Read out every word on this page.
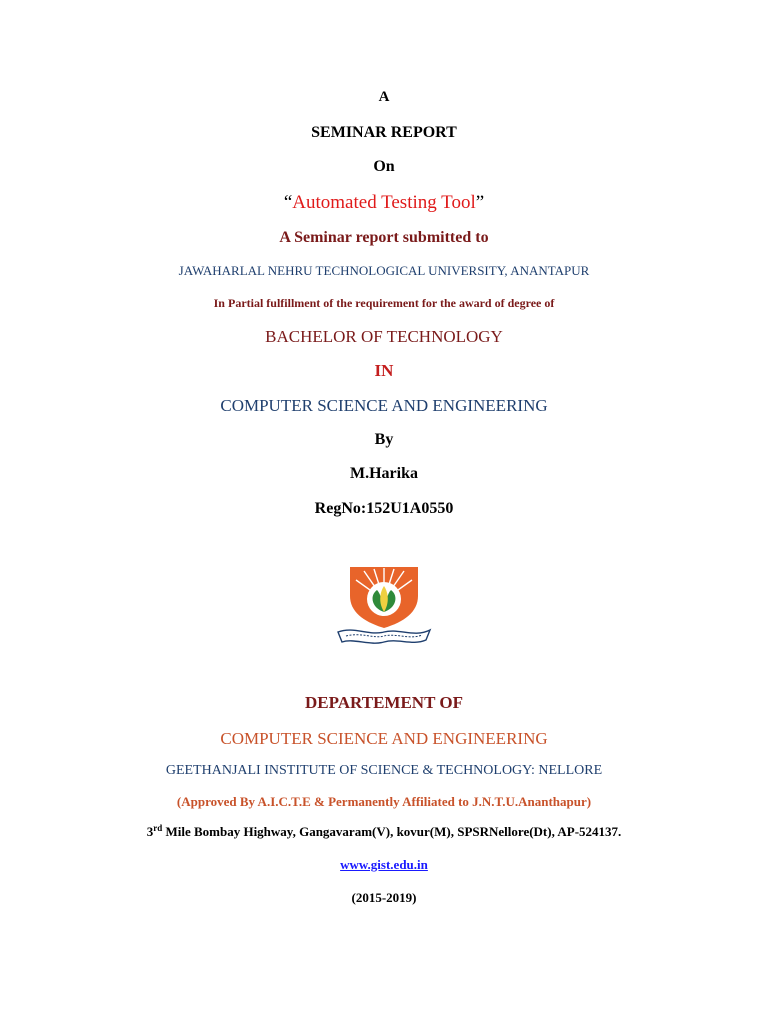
A
SEMINAR REPORT
On
“Automated Testing Tool”
A Seminar report submitted to
JAWAHARLAL NEHRU TECHNOLOGICAL UNIVERSITY, ANANTAPUR
In Partial fulfillment of the requirement for the award of degree of
BACHELOR OF TECHNOLOGY
IN
COMPUTER SCIENCE AND ENGINEERING
By
M.Harika
RegNo:152U1A0550
DEPARTEMENT OF
COMPUTER SCIENCE AND ENGINEERING
GEETHANJALI INSTITUTE OF SCIENCE & TECHNOLOGY: NELLORE
(Approved By A.I.C.T.E & Permanently Affiliated to J.N.T.U.Ananthapur)
3rd Mile Bombay Highway, Gangavaram(V), kovur(M), SPSRNellore(Dt), AP-524137.
www.gist.edu.in
(2015-2019)
